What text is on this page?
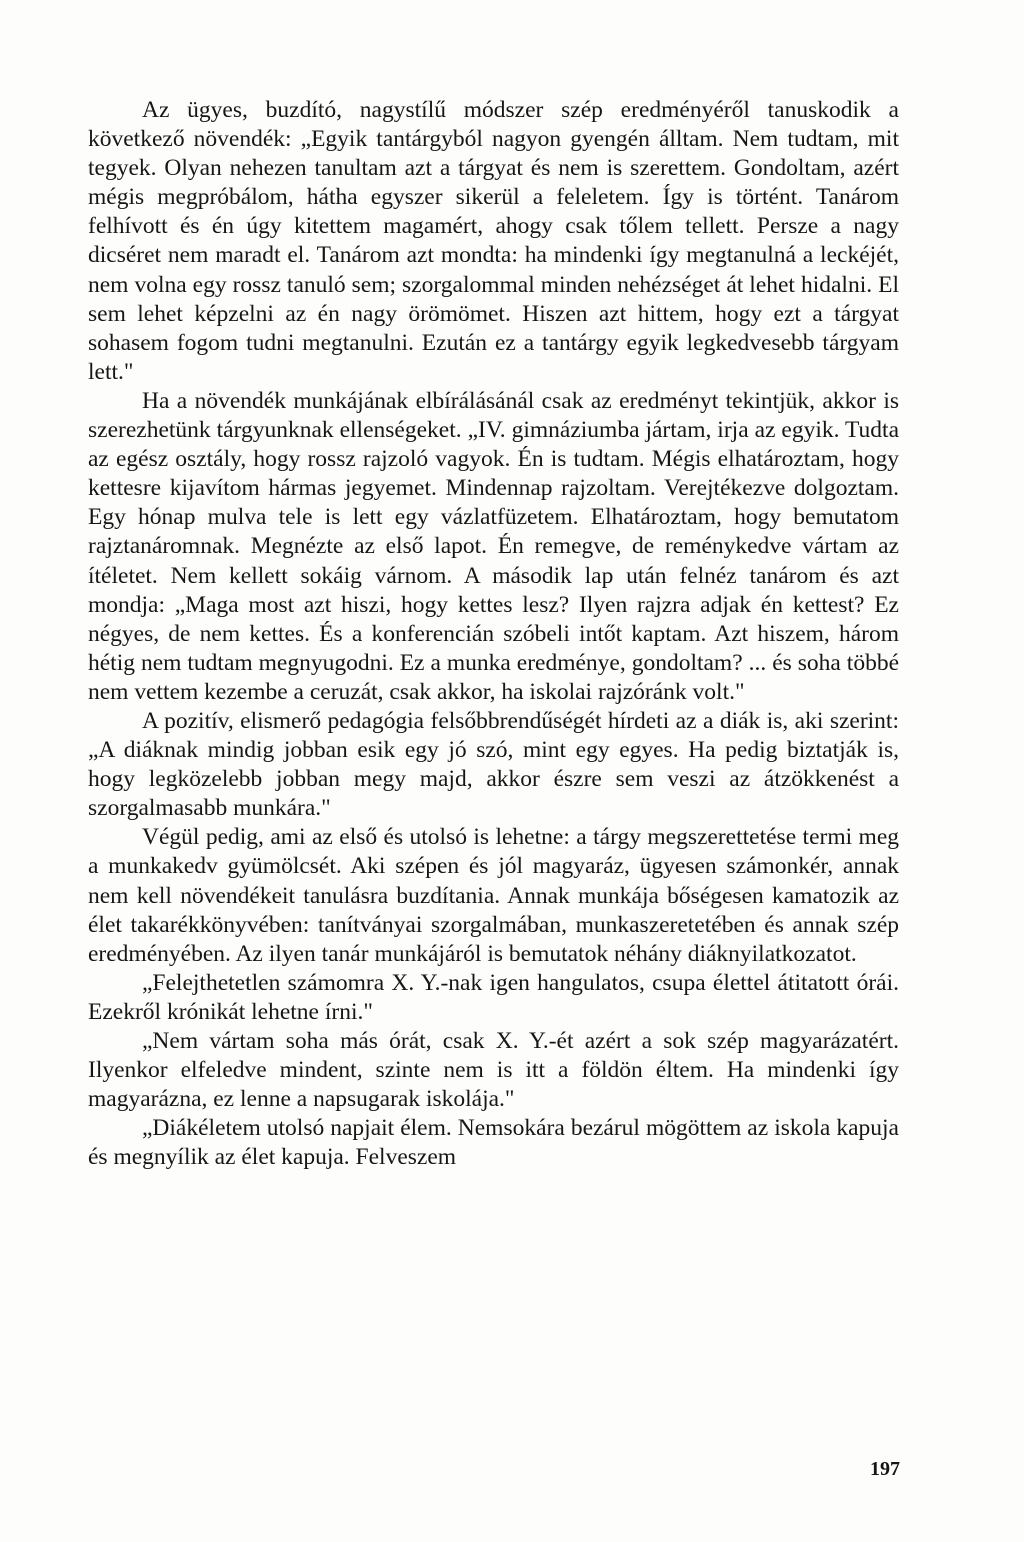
Az ügyes, buzdító, nagystílű módszer szép eredményéről tanuskodik a következő növendék: „Egyik tantárgyból nagyon gyengén álltam. Nem tudtam, mit tegyek. Olyan nehezen tanultam azt a tárgyat és nem is szerettem. Gondoltam, azért mégis megpróbálom, hátha egyszer sikerül a feleletem. Így is történt. Tanárom felhívott és én úgy kitettem magamért, ahogy csak tőlem tellett. Persze a nagy dicséret nem maradt el. Tanárom azt mondta: ha mindenki így megtanulná a leckéjét, nem volna egy rossz tanuló sem; szorgalommal minden nehézséget át lehet hidalni. El sem lehet képzelni az én nagy örömömet. Hiszen azt hittem, hogy ezt a tárgyat sohasem fogom tudni megtanulni. Ezután ez a tantárgy egyik legkedvesebb tárgyam lett."

Ha a növendék munkájának elbírálásánál csak az eredményt tekintjük, akkor is szerezhetünk tárgyunknak ellenségeket. „IV. gimnáziumba jártam, irja az egyik. Tudta az egész osztály, hogy rossz rajzoló vagyok. Én is tudtam. Mégis elhatároztam, hogy kettesre kijavítom hármas jegyemet. Mindennap rajzoltam. Verejtékezve dolgoztam. Egy hónap mulva tele is lett egy vázlatfüzetem. Elhatároztam, hogy bemutatom rajztanáromnak. Megnézte az első lapot. Én remegve, de reménykedve vártam az ítéletet. Nem kellett sokáig várnom. A második lap után felnéz tanárom és azt mondja: „Maga most azt hiszi, hogy kettes lesz? Ilyen rajzra adjak én kettest? Ez négyes, de nem kettes. És a konferencián szóbeli intőt kaptam. Azt hiszem, három hétig nem tudtam megnyugodni. Ez a munka eredménye, gondoltam? ... és soha többé nem vettem kezembe a ceruzát, csak akkor, ha iskolai rajzóránk volt."

A pozitív, elismerő pedagógia felsőbbrendűségét hírdeti az a diák is, aki szerint: „A diáknak mindig jobban esik egy jó szó, mint egy egyes. Ha pedig biztatják is, hogy legközelebb jobban megy majd, akkor észre sem veszi az átzökkenést a szorgalmasabb munkára."

Végül pedig, ami az első és utolsó is lehetne: a tárgy megszerettetése termi meg a munkakedv gyümölcsét. Aki szépen és jól magyaráz, ügyesen számonkér, annak nem kell növendékeit tanulásra buzdítania. Annak munkája bőségesen kamatozik az élet takarékkönyvében: tanítványai szorgalmában, munkaszeretetében és annak szép eredményében. Az ilyen tanár munkájáról is bemutatok néhány diáknyilatkozatot.

„Felejthetetlen számomra X. Y.-nak igen hangulatos, csupa élettel átitatott órái. Ezekről krónikát lehetne írni."

„Nem vártam soha más órát, csak X. Y.-ét azért a sok szép magyarázatért. Ilyenkor elfeledve mindent, szinte nem is itt a földön éltem. Ha mindenki így magyarázna, ez lenne a napsugarak iskolája."

„Diákéletem utolsó napjait élem. Nemsokára bezárul mögöttem az iskola kapuja és megnyílik az élet kapuja. Felveszem

197
